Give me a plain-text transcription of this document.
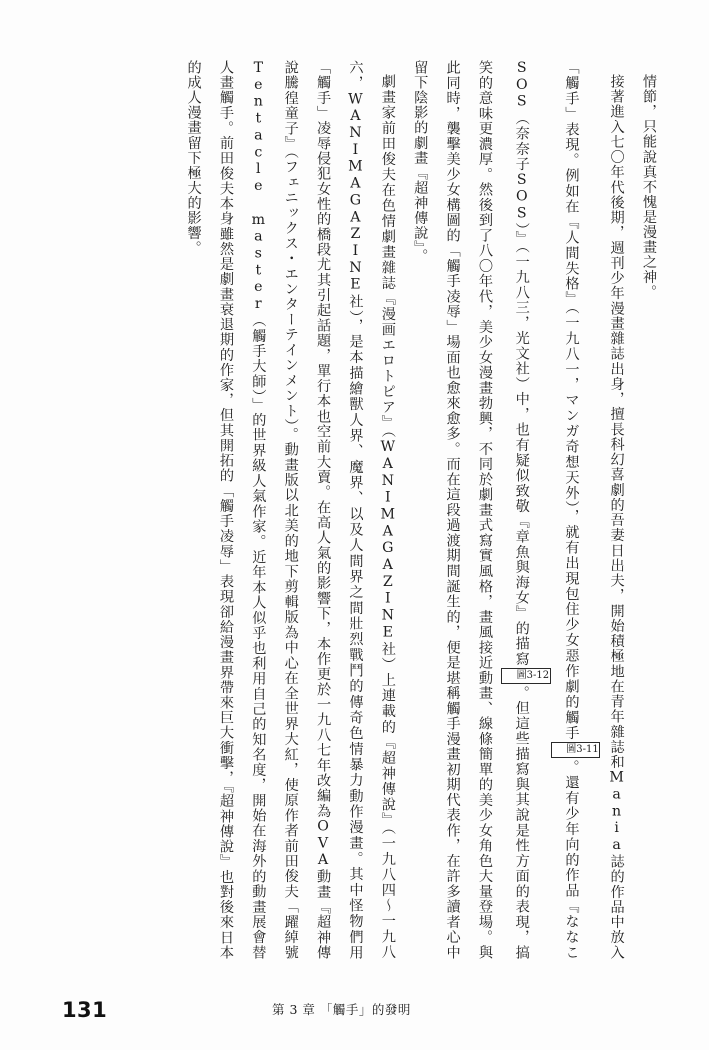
情節，只能說真不愧是漫畫之神。

接著進入七〇年代後期，週刊少年漫畫雜誌出身，擅長科幻喜劇的吾妻日出夫，開始積極地在青年雜誌和Mania誌的作品中放入「觸手」表現。例如在『人間失格』（一九八一，マンガ奇想天外），就有出現包住少女惡作劇的觸手
圖3-11
。還有少年向的作品『ななこSOS（奈奈子SOS）』（一九八三，光文社）中，也有疑似致敬『章魚與海女』的描寫
圖3-12
。但這些描寫與其說是性方面的表現，搞笑的意味更濃厚。然後到了八〇年代，美少女漫畫勃興，不同於劇畫式寫實風格，畫風接近動畫、線條簡單的美少女角色大量登場。與此同時，襲擊美少女構圖的「觸手凌辱」場面也愈來愈多。而在這段過渡期間誕生的，便是堪稱觸手漫畫初期代表作，在許多讀者心中留下陰影的劇畫『超神傳說』。

劇畫家前田俊夫在色情劇畫雜誌『漫画エロトピア』（WANIMAGAZINE社）上連載的『超神傳說』（一九八四～一九八六，WANIMAGAZINE社），是本描繪獸人界、魔界、以及人間界之間壯烈戰鬥的傳奇色情暴力動作漫畫。其中怪物們用「觸手」凌辱侵犯女性的橋段尤其引起話題，單行本也空前大賣。在高人氣的影響下，本作更於一九八七年改編為OVA動畫『超神傳說騰徨童子』（フェニックス・エンターテインメント）。動畫版以北美的地下剪輯版為中心在全世界大紅，使原作者前田俊夫「躍綽號Tentacle master（觸手大師）」的世界級人氣作家。近年本人似乎也利用自己的知名度，開始在海外的動畫展會替人畫觸手。前田俊夫本身雖然是劇畫衰退期的作家，但其開拓的「觸手凌辱」表現卻給漫畫界帶來巨大衝擊，『超神傳說』也對後來日本的成人漫畫留下極大的影響。

131	第 3 章 「觸手」的發明
